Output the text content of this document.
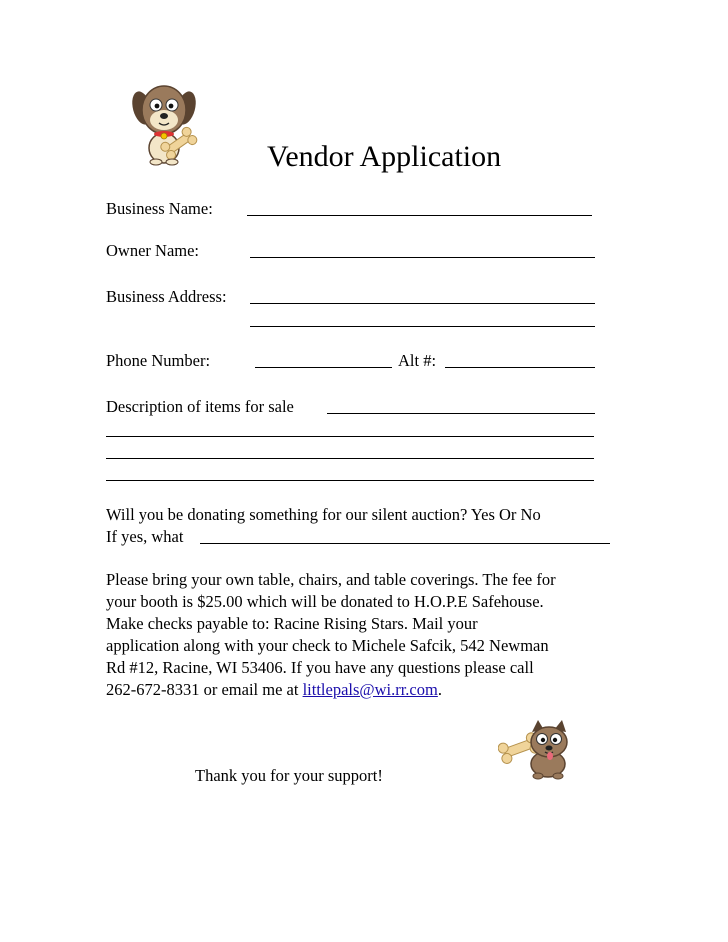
Vendor Application
Business Name:
Owner Name:
Business Address:
Phone Number:	Alt #:
Description of items for sale
Will you be donating something for our silent auction? Yes Or No
If yes, what
Please bring your own table, chairs, and table coverings. The fee for
your booth is $25.00 which will be donated to H.O.P.E Safehouse.
Make checks payable to: Racine Rising Stars. Mail your
application along with your check to Michele Safcik, 542 Newman
Rd #12, Racine, WI 53406. If you have any questions please call
262-672-8331 or email me at littlepals@wi.rr.com.
Thank you for your support!
